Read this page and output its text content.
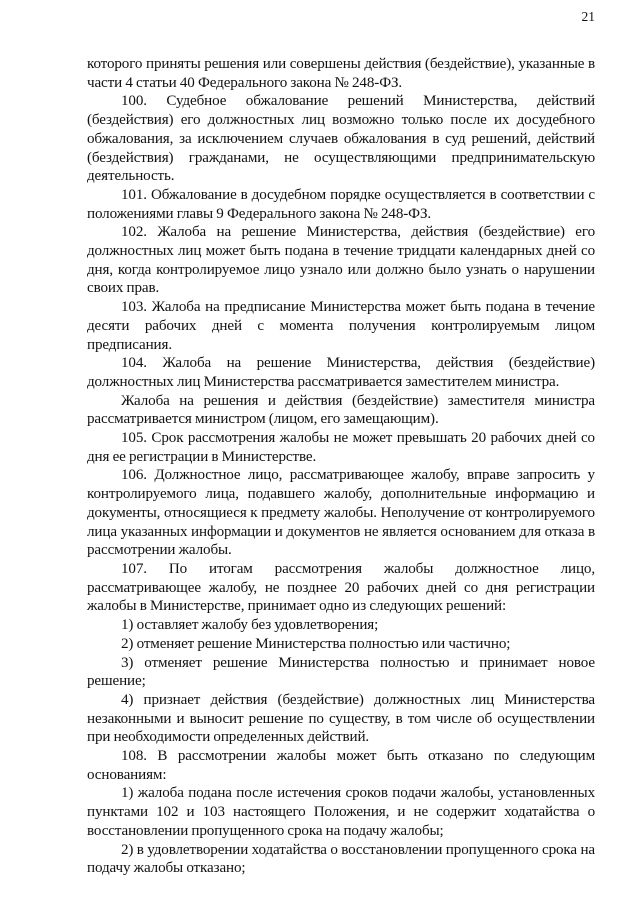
21

которого приняты решения или совершены действия (бездействие), указанные в части 4 статьи 40 Федерального закона № 248-ФЗ.

100. Судебное обжалование решений Министерства, действий (бездействия) его должностных лиц возможно только после их досудебного обжалования, за исключением случаев обжалования в суд решений, действий (бездействия) гражданами, не осуществляющими предпринимательскую деятельность.

101. Обжалование в досудебном порядке осуществляется в соответствии с положениями главы 9 Федерального закона № 248-ФЗ.

102. Жалоба на решение Министерства, действия (бездействие) его должностных лиц может быть подана в течение тридцати календарных дней со дня, когда контролируемое лицо узнало или должно было узнать о нарушении своих прав.

103. Жалоба на предписание Министерства может быть подана в течение десяти рабочих дней с момента получения контролируемым лицом предписания.

104. Жалоба на решение Министерства, действия (бездействие) должностных лиц Министерства рассматривается заместителем министра.

Жалоба на решения и действия (бездействие) заместителя министра рассматривается министром (лицом, его замещающим).

105. Срок рассмотрения жалобы не может превышать 20 рабочих дней со дня ее регистрации в Министерстве.

106. Должностное лицо, рассматривающее жалобу, вправе запросить у контролируемого лица, подавшего жалобу, дополнительные информацию и документы, относящиеся к предмету жалобы. Неполучение от контролируемого лица указанных информации и документов не является основанием для отказа в рассмотрении жалобы.

107. По итогам рассмотрения жалобы должностное лицо, рассматривающее жалобу, не позднее 20 рабочих дней со дня регистрации жалобы в Министерстве, принимает одно из следующих решений:

1) оставляет жалобу без удовлетворения;

2) отменяет решение Министерства полностью или частично;

3) отменяет решение Министерства полностью и принимает новое решение;

4) признает действия (бездействие) должностных лиц Министерства незаконными и выносит решение по существу, в том числе об осуществлении при необходимости определенных действий.

108. В рассмотрении жалобы может быть отказано по следующим основаниям:

1) жалоба подана после истечения сроков подачи жалобы, установленных пунктами 102 и 103 настоящего Положения, и не содержит ходатайства о восстановлении пропущенного срока на подачу жалобы;

2) в удовлетворении ходатайства о восстановлении пропущенного срока на подачу жалобы отказано;
